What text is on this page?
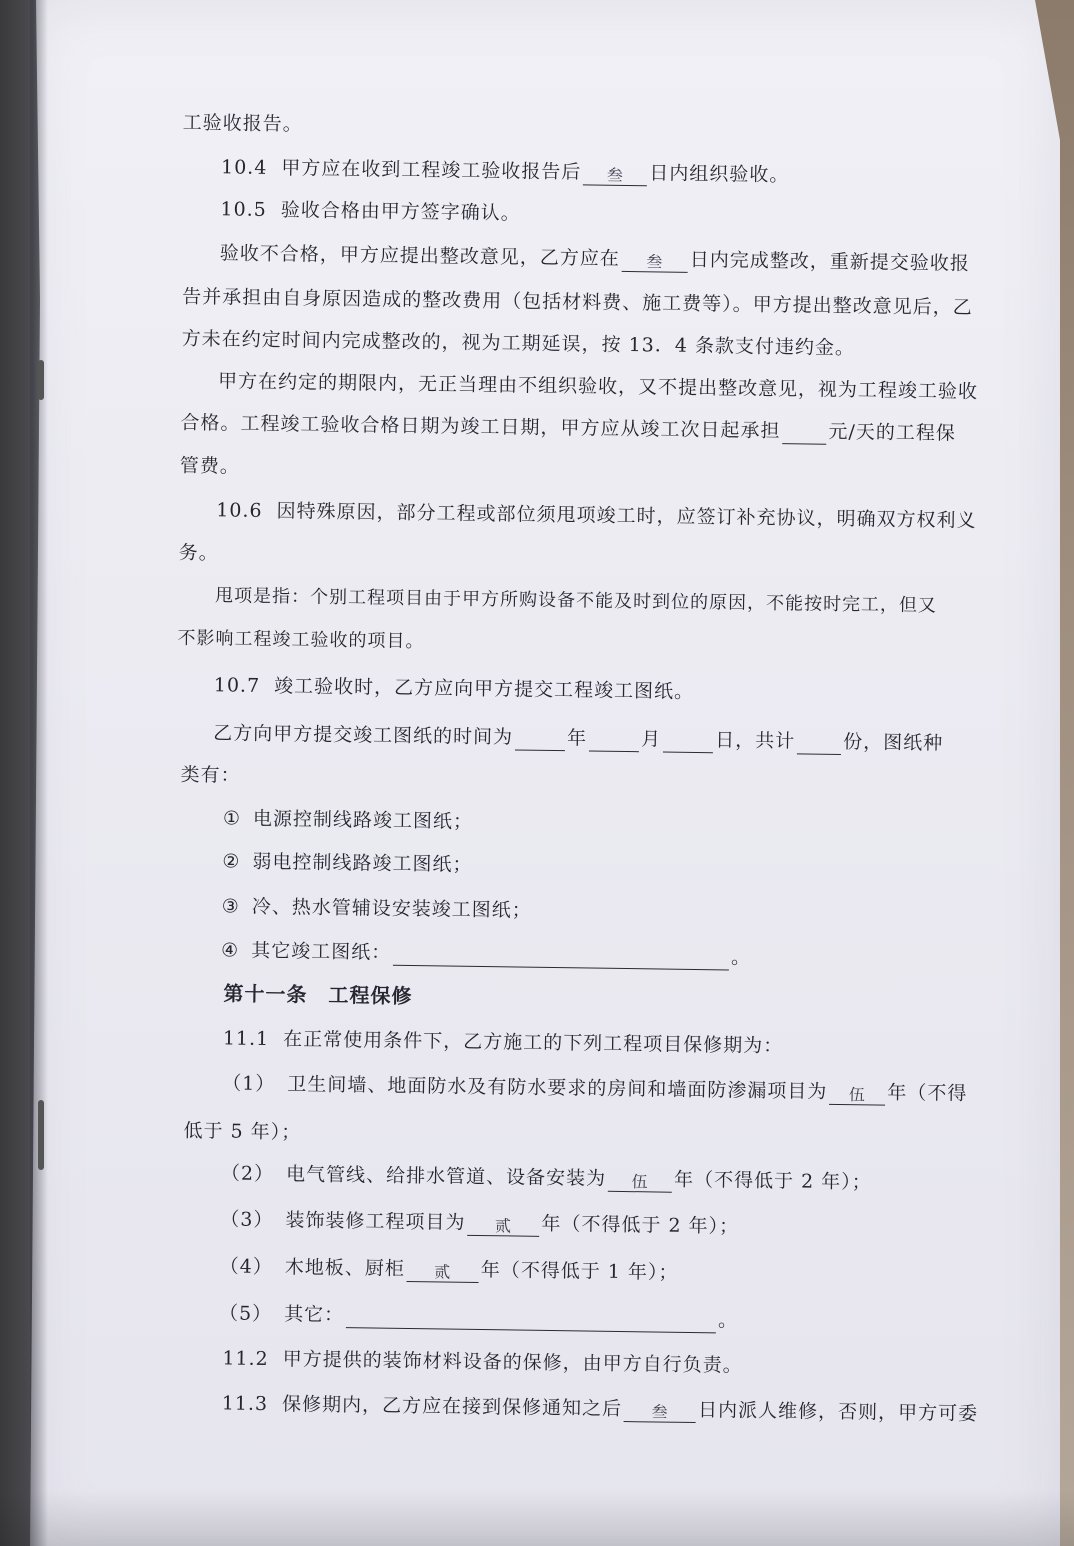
工验收报告。
10.4 甲方应在收到工程竣工验收报告后 叁 日内组织验收。
10.5 验收合格由甲方签字确认。
验收不合格，甲方应提出整改意见，乙方应在 叁 日内完成整改，重新提交验收报
告并承担由自身原因造成的整改费用（包括材料费、施工费等）。甲方提出整改意见后，乙
方未在约定时间内完成整改的，视为工期延误，按 13．4 条款支付违约金。
甲方在约定的期限内，无正当理由不组织验收，又不提出整改意见，视为工程竣工验收
合格。工程竣工验收合格日期为竣工日期，甲方应从竣工次日起承担	元/天的工程保
管费。
10.6 因特殊原因，部分工程或部位须甩项竣工时，应签订补充协议，明确双方权利义
务。
甩项是指：个别工程项目由于甲方所购设备不能及时到位的原因，不能按时完工，但又
不影响工程竣工验收的项目。
10.7 竣工验收时，乙方应向甲方提交工程竣工图纸。
乙方向甲方提交竣工图纸的时间为	年	月	日，共计	份，图纸种
类有：
① 电源控制线路竣工图纸；
② 弱电控制线路竣工图纸；
③ 冷、热水管辅设安装竣工图纸；
④ 其它竣工图纸：	。
第十一条　工程保修
11.1 在正常使用条件下，乙方施工的下列工程项目保修期为：
（1） 卫生间墙、地面防水及有防水要求的房间和墙面防渗漏项目为 伍 年（不得
低于 5 年）；
（2） 电气管线、给排水管道、设备安装为 伍 年（不得低于 2 年）；
（3） 装饰装修工程项目为 贰 年（不得低于 2 年）；
（4） 木地板、厨柜 贰 年（不得低于 1 年）；
（5） 其它：	。
11.2 甲方提供的装饰材料设备的保修，由甲方自行负责。
11.3 保修期内，乙方应在接到保修通知之后 叁 日内派人维修，否则，甲方可委
